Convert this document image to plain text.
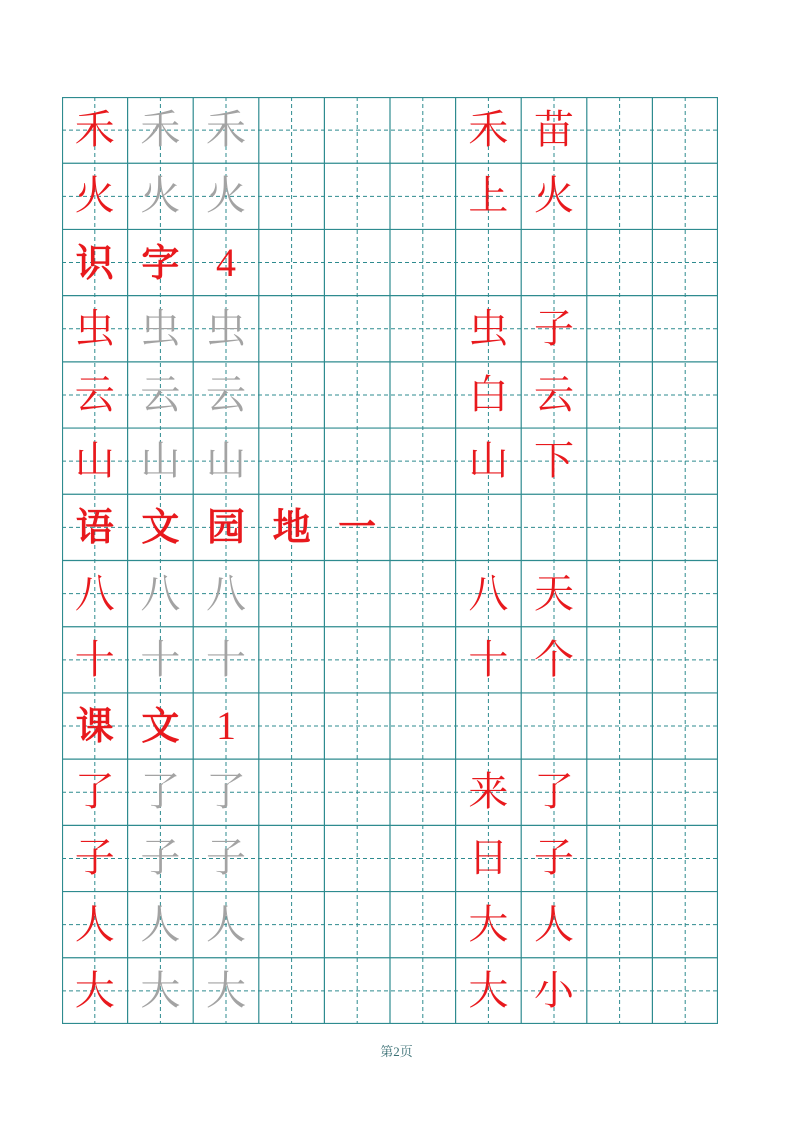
禾 禾 禾	禾 苗
火 火 火	上 火
识 字 4
虫 虫 虫	虫 子
云 云 云	白 云
山 山 山	山 下
语 文 园 地 一
八 八 八	八 天
十 十 十	十 个
课 文 1
了 了 了	来 了
子 子 子	日 子
人 人 人	大 人
大 大 大	大 小
第2页
